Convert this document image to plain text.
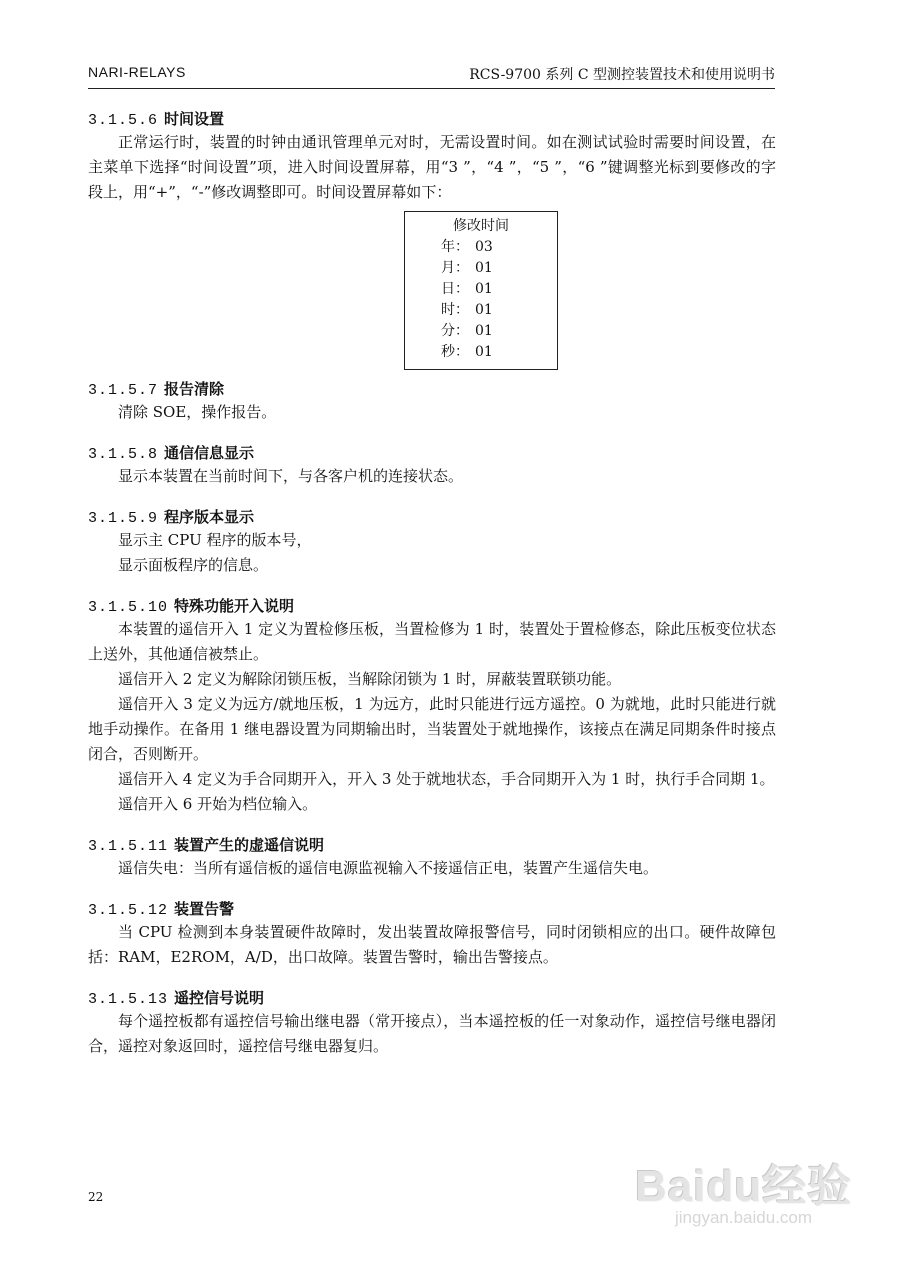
NARI-RELAYS	RCS-9700 系列 C 型测控装置技术和使用说明书
3.1.5.6 时间设置

正常运行时，装置的时钟由通讯管理单元对时，无需设置时间。如在测试试验时需要时间设置，在主菜单下选择“时间设置”项，进入时间设置屏幕，用“3 ”，“4 ”，“5 ”，“6 ”键调整光标到要修改的字段上，用“+”，“-”修改调整即可。时间设置屏幕如下：

修改时间
年： 03
月： 01
日： 01
时： 01
分： 01
秒： 01
3.1.5.7 报告清除

清除 SOE，操作报告。

3.1.5.8 通信信息显示

显示本装置在当前时间下，与各客户机的连接状态。

3.1.5.9 程序版本显示

显示主 CPU 程序的版本号，

显示面板程序的信息。

3.1.5.10 特殊功能开入说明

本装置的遥信开入 1 定义为置检修压板，当置检修为 1 时，装置处于置检修态，除此压板变位状态上送外，其他通信被禁止。

遥信开入 2 定义为解除闭锁压板，当解除闭锁为 1 时，屏蔽装置联锁功能。

遥信开入 3 定义为远方/就地压板，1 为远方，此时只能进行远方遥控。0 为就地，此时只能进行就地手动操作。在备用 1 继电器设置为同期输出时，当装置处于就地操作，该接点在满足同期条件时接点闭合，否则断开。

遥信开入 4 定义为手合同期开入，开入 3 处于就地状态，手合同期开入为 1 时，执行手合同期 1。

遥信开入 6 开始为档位输入。

3.1.5.11 装置产生的虚遥信说明

遥信失电：当所有遥信板的遥信电源监视输入不接遥信正电，装置产生遥信失电。

3.1.5.12 装置告警

当 CPU 检测到本身装置硬件故障时，发出装置故障报警信号，同时闭锁相应的出口。硬件故障包括：RAM，E2ROM，A/D，出口故障。装置告警时，输出告警接点。

3.1.5.13 遥控信号说明

每个遥控板都有遥控信号输出继电器（常开接点），当本遥控板的任一对象动作，遥控信号继电器闭合，遥控对象返回时，遥控信号继电器复归。

22	Baidu经验
jingyan.baidu.com
